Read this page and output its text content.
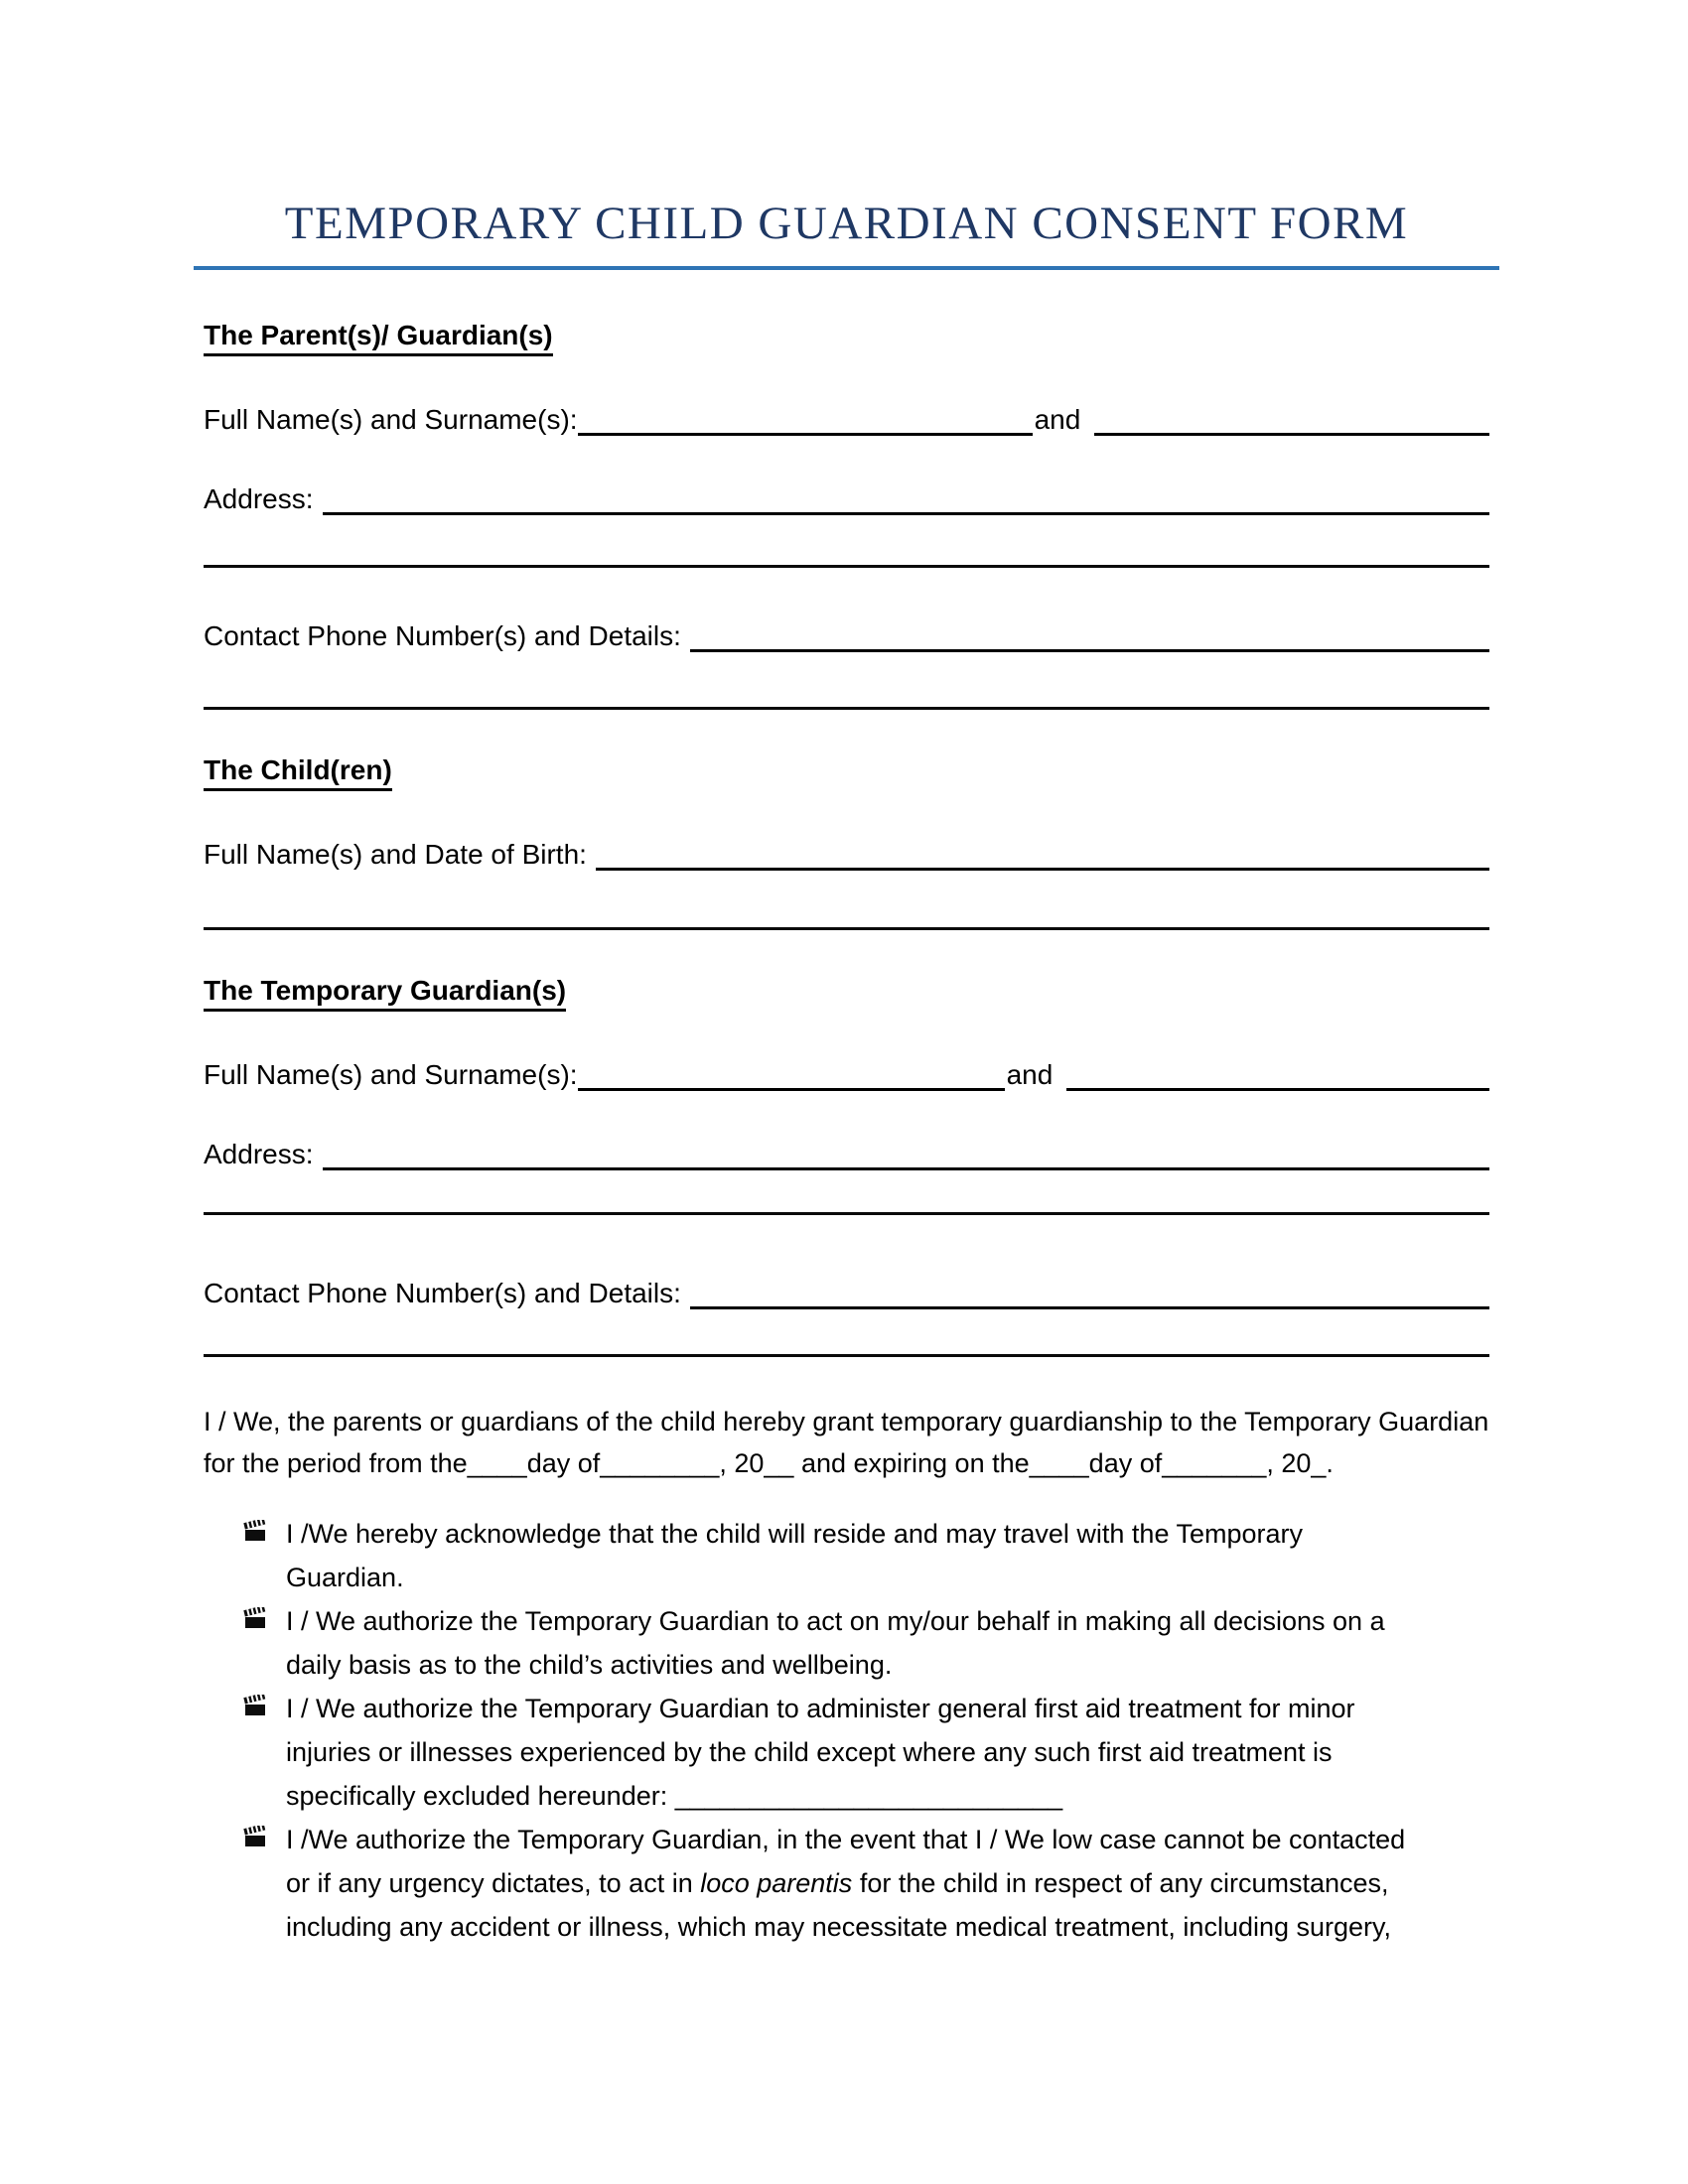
TEMPORARY CHILD GUARDIAN CONSENT FORM
The Parent(s)/ Guardian(s)
Full Name(s) and Surname(s):	and
Address:
Contact Phone Number(s) and Details:
The Child(ren)
Full Name(s) and Date of Birth:
The Temporary Guardian(s)
Full Name(s) and Surname(s):	and
Address:
Contact Phone Number(s) and Details:

I / We, the parents or guardians of the child hereby grant temporary guardianship to the Temporary Guardian for the period from the____day of________, 20__ and expiring on the____day of_______, 20_.

I /We hereby acknowledge that the child will reside and may travel with the Temporary Guardian.
I / We authorize the Temporary Guardian to act on my/our behalf in making all decisions on a daily basis as to the child’s activities and wellbeing.
I / We authorize the Temporary Guardian to administer general first aid treatment for minor injuries or illnesses experienced by the child except where any such first aid treatment is specifically excluded hereunder: __________________________
I /We authorize the Temporary Guardian, in the event that I / We low case cannot be contacted or if any urgency dictates, to act in loco parentis for the child in respect of any circumstances, including any accident or illness, which may necessitate medical treatment, including surgery,
